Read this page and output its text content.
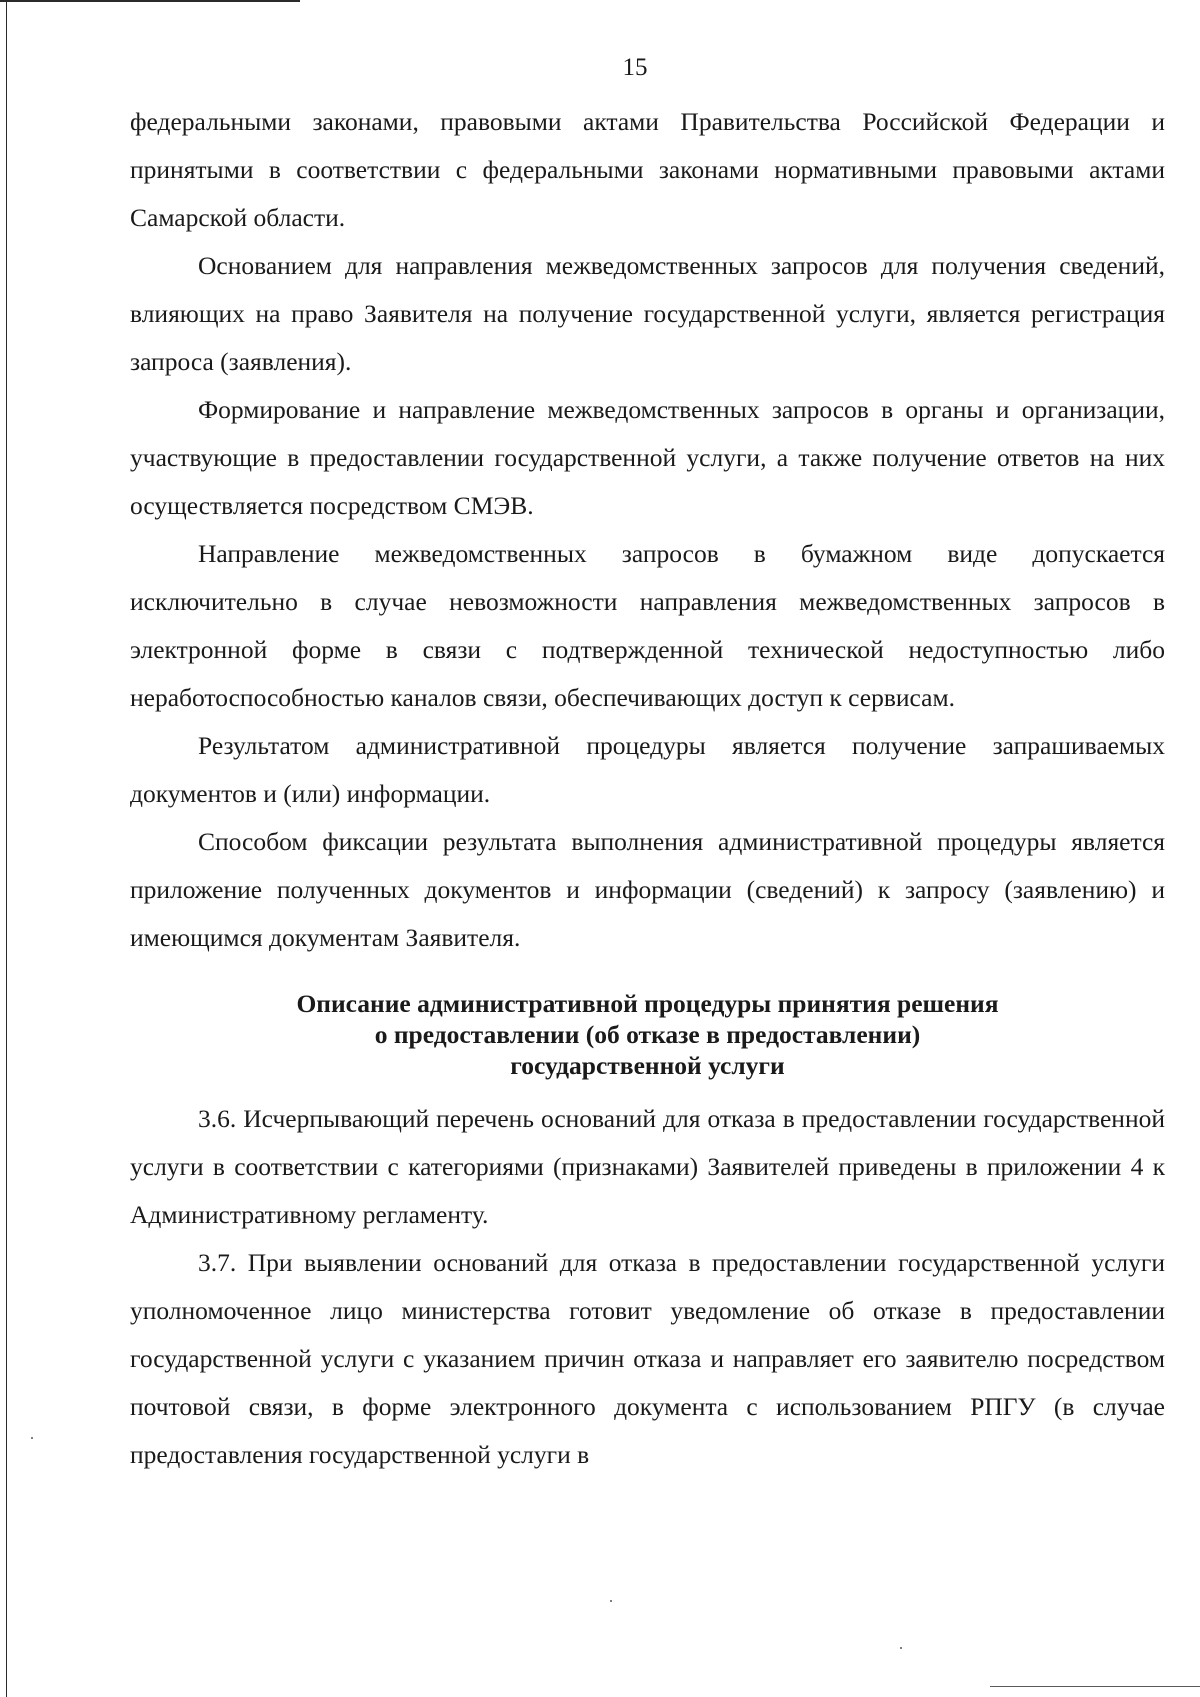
15

федеральными законами, правовыми актами Правительства Российской Федерации и принятыми в соответствии с федеральными законами нормативными правовыми актами Самарской области.

Основанием для направления межведомственных запросов для получения сведений, влияющих на право Заявителя на получение государственной услуги, является регистрация запроса (заявления).

Формирование и направление межведомственных запросов в органы и организации, участвующие в предоставлении государственной услуги, а также получение ответов на них осуществляется посредством СМЭВ.

Направление межведомственных запросов в бумажном виде допускается исключительно в случае невозможности направления межведомственных запросов в электронной форме в связи с подтвержденной технической недоступностью либо неработоспособностью каналов связи, обеспечивающих доступ к сервисам.

Результатом административной процедуры является получение запрашиваемых документов и (или) информации.

Способом фиксации результата выполнения административной процедуры является приложение полученных документов и информации (сведений) к запросу (заявлению) и имеющимся документам Заявителя.

Описание административной процедуры принятия решения
о предоставлении (об отказе в предоставлении)
государственной услуги

3.6. Исчерпывающий перечень оснований для отказа в предоставлении государственной услуги в соответствии с категориями (признаками) Заявителей приведены в приложении 4 к Административному регламенту.

3.7. При выявлении оснований для отказа в предоставлении государственной услуги уполномоченное лицо министерства готовит уведомление об отказе в предоставлении государственной услуги с указанием причин отказа и направляет его заявителю посредством почтовой связи, в форме электронного документа с использованием РПГУ (в случае предоставления государственной услуги в
